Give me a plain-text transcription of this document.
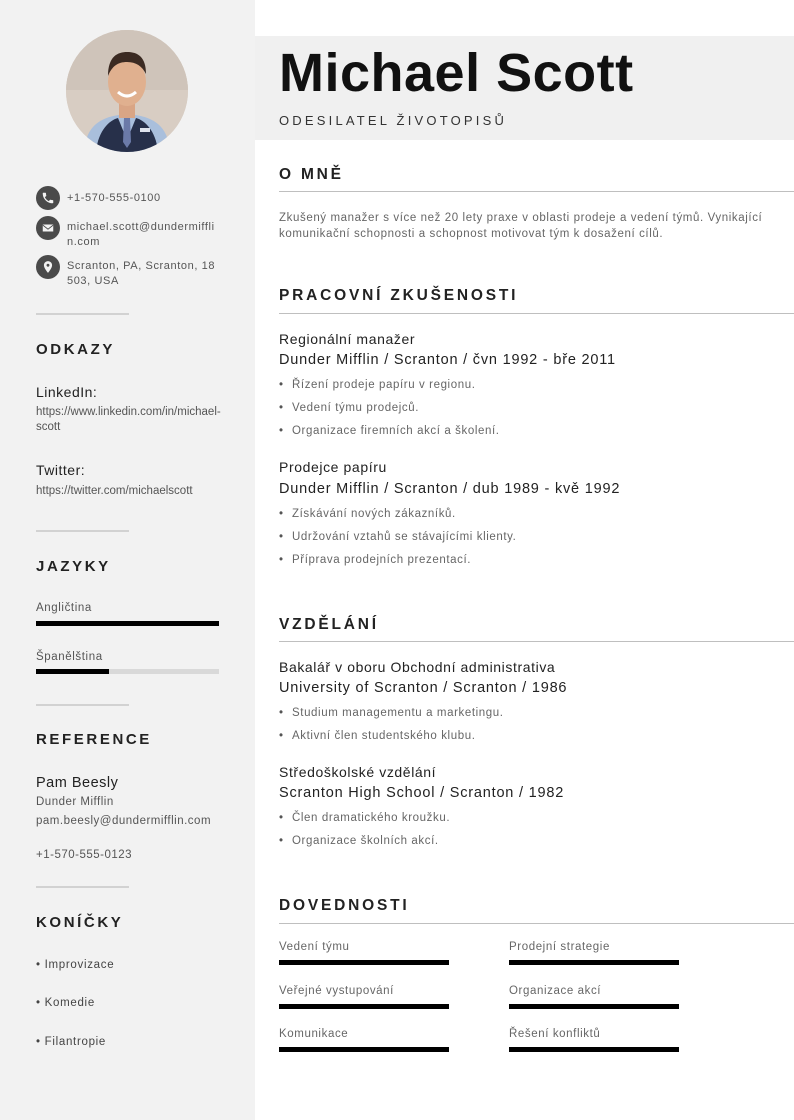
+1-570-555-0100
michael.scott@dundermifflin.com
Scranton, PA, Scranton, 18503, USA
ODKAZY
LinkedIn:
https://www.linkedin.com/in/michael-scott
Twitter:
https://twitter.com/michaelscott
JAZYKY
Angličtina
Španělština
REFERENCE
Pam Beesly
Dunder Mifflin
pam.beesly@dundermifflin.com
+1-570-555-0123
KONÍČKY
• Improvizace
• Komedie
• Filantropie
Michael Scott
ODESILATEL ŽIVOTOPISŮ
O MNĚ
Zkušený manažer s více než 20 lety praxe v oblasti prodeje a vedení týmů. Vynikající komunikační schopnosti a schopnost motivovat tým k dosažení cílů.
PRACOVNÍ ZKUŠENOSTI
Regionální manažer
Dunder Mifflin / Scranton / čvn 1992 - bře 2011
• Řízení prodeje papíru v regionu.
• Vedení týmu prodejců.
• Organizace firemních akcí a školení.
Prodejce papíru
Dunder Mifflin / Scranton / dub 1989 - kvě 1992
• Získávání nových zákazníků.
• Udržování vztahů se stávajícími klienty.
• Příprava prodejních prezentací.
VZDĚLÁNÍ
Bakalář v oboru Obchodní administrativa
University of Scranton / Scranton / 1986
• Studium managementu a marketingu.
• Aktivní člen studentského klubu.
Středoškolské vzdělání
Scranton High School / Scranton / 1982
• Člen dramatického kroužku.
• Organizace školních akcí.
DOVEDNOSTI
Vedení týmu	Prodejní strategie
Veřejné vystupování	Organizace akcí
Komunikace	Řešení konfliktů
